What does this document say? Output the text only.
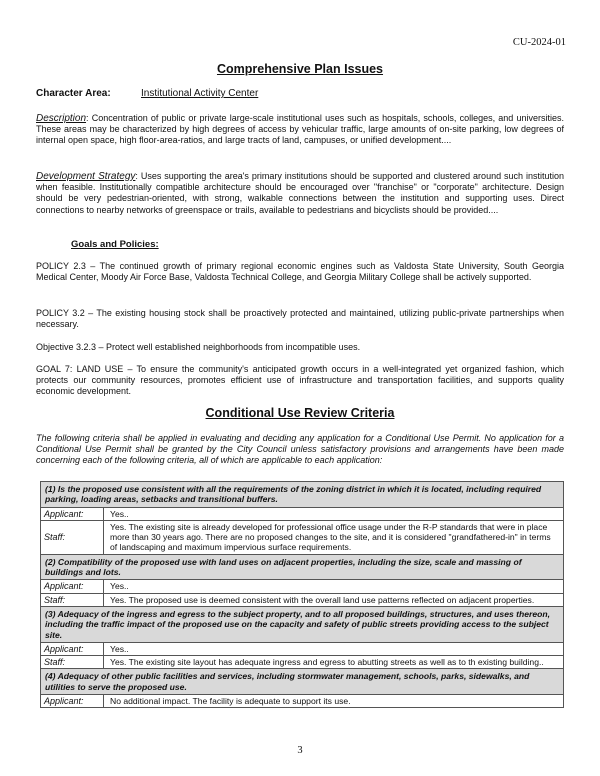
CU-2024-01
Comprehensive Plan Issues
Character Area:	Institutional Activity Center
Description: Concentration of public or private large-scale institutional uses such as hospitals, schools, colleges, and universities. These areas may be characterized by high degrees of access by vehicular traffic, large amounts of on-site parking, low degrees of internal open space, high floor-area-ratios, and large tracts of land, campuses, or unified development....
Development Strategy: Uses supporting the area's primary institutions should be supported and clustered around such institution when feasible. Institutionally compatible architecture should be encouraged over "franchise" or "corporate" architecture. Design should be very pedestrian-oriented, with strong, walkable connections between the institution and supporting uses. Direct connections to nearby networks of greenspace or trails, available to pedestrians and bicyclists should be provided....
Goals and Policies:
POLICY 2.3 – The continued growth of primary regional economic engines such as Valdosta State University, South Georgia Medical Center, Moody Air Force Base, Valdosta Technical College, and Georgia Military College shall be actively supported.
POLICY 3.2 – The existing housing stock shall be proactively protected and maintained, utilizing public-private partnerships when necessary.
Objective 3.2.3 – Protect well established neighborhoods from incompatible uses.
GOAL 7: LAND USE – To ensure the community's anticipated growth occurs in a well-integrated yet organized fashion, which protects our community resources, promotes efficient use of infrastructure and transportation facilities, and supports quality economic development.
Conditional Use Review Criteria
The following criteria shall be applied in evaluating and deciding any application for a Conditional Use Permit. No application for a Conditional Use Permit shall be granted by the City Council unless satisfactory provisions and arrangements have been made concerning each of the following criteria, all of which are applicable to each application:
(1) Is the proposed use consistent with all the requirements of the zoning district in which it is located, including required parking, loading areas, setbacks and transitional buffers.	
Applicant:	Yes..
Staff:	Yes. The existing site is already developed for professional office usage under the R-P standards that were in place more than 30 years ago. There are no proposed changes to the site, and it is considered "grandfathered-in" in terms of landscaping and maximum impervious surface requirements.
(2) Compatibility of the proposed use with land uses on adjacent properties, including the size, scale and massing of buildings and lots.	
Applicant:	Yes..
Staff:	Yes. The proposed use is deemed consistent with the overall land use patterns reflected on adjacent properties.
(3) Adequacy of the ingress and egress to the subject property, and to all proposed buildings, structures, and uses thereon, including the traffic impact of the proposed use on the capacity and safety of public streets providing access to the subject site.	
Applicant:	Yes..
Staff:	Yes. The existing site layout has adequate ingress and egress to abutting streets as well as to th existing building..
(4) Adequacy of other public facilities and services, including stormwater management, schools, parks, sidewalks, and utilities to serve the proposed use.	
Applicant:	No additional impact. The facility is adequate to support its use.
3
